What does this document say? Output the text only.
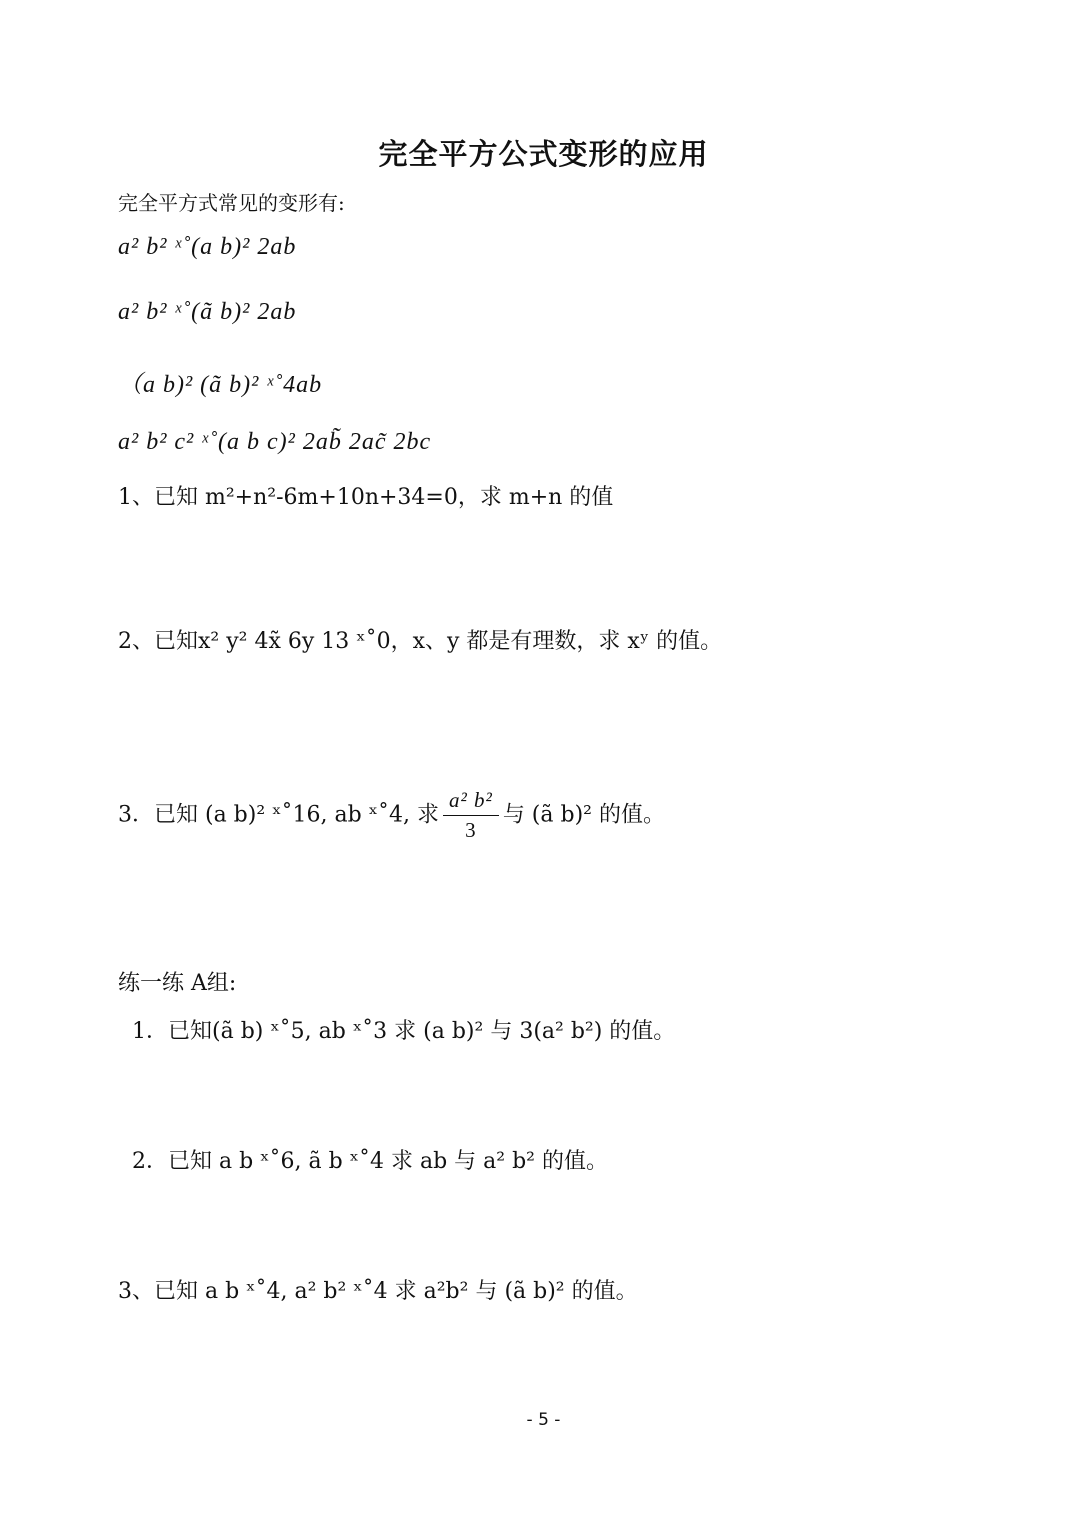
完全平方公式变形的应用
完全平方式常见的变形有:
a² b² ˣ˚(a b)² 2ab
a² b² ˣ˚(ã b)² 2ab
（a b)² (ã b)² ˣ˚4ab
a² b² c² ˣ˚(a b c)² 2ab̃ 2ac̃ 2bc
1、已知 m²+n²-6m+10n+34=0，求 m+n 的值
2、已知x² y² 4x̃ 6y 13 ˣ˚0，x、y 都是有理数，求 xʸ 的值。
3．已知 (a b)² ˣ˚16, ab ˣ˚4, 求 $\frac{\text{a² b²}}{3}$ 与 (ã b)² 的值。
练一练 A组:
1．已知(ã b) ˣ˚5, ab ˣ˚3 求 (a b)² 与 3(a² b²) 的值。
2．已知 a b ˣ˚6, ã b ˣ˚4 求 ab 与 a² b² 的值。
3、已知 a b ˣ˚4, a² b² ˣ˚4 求 a²b² 与 (ã b)² 的值。
- 5 -
